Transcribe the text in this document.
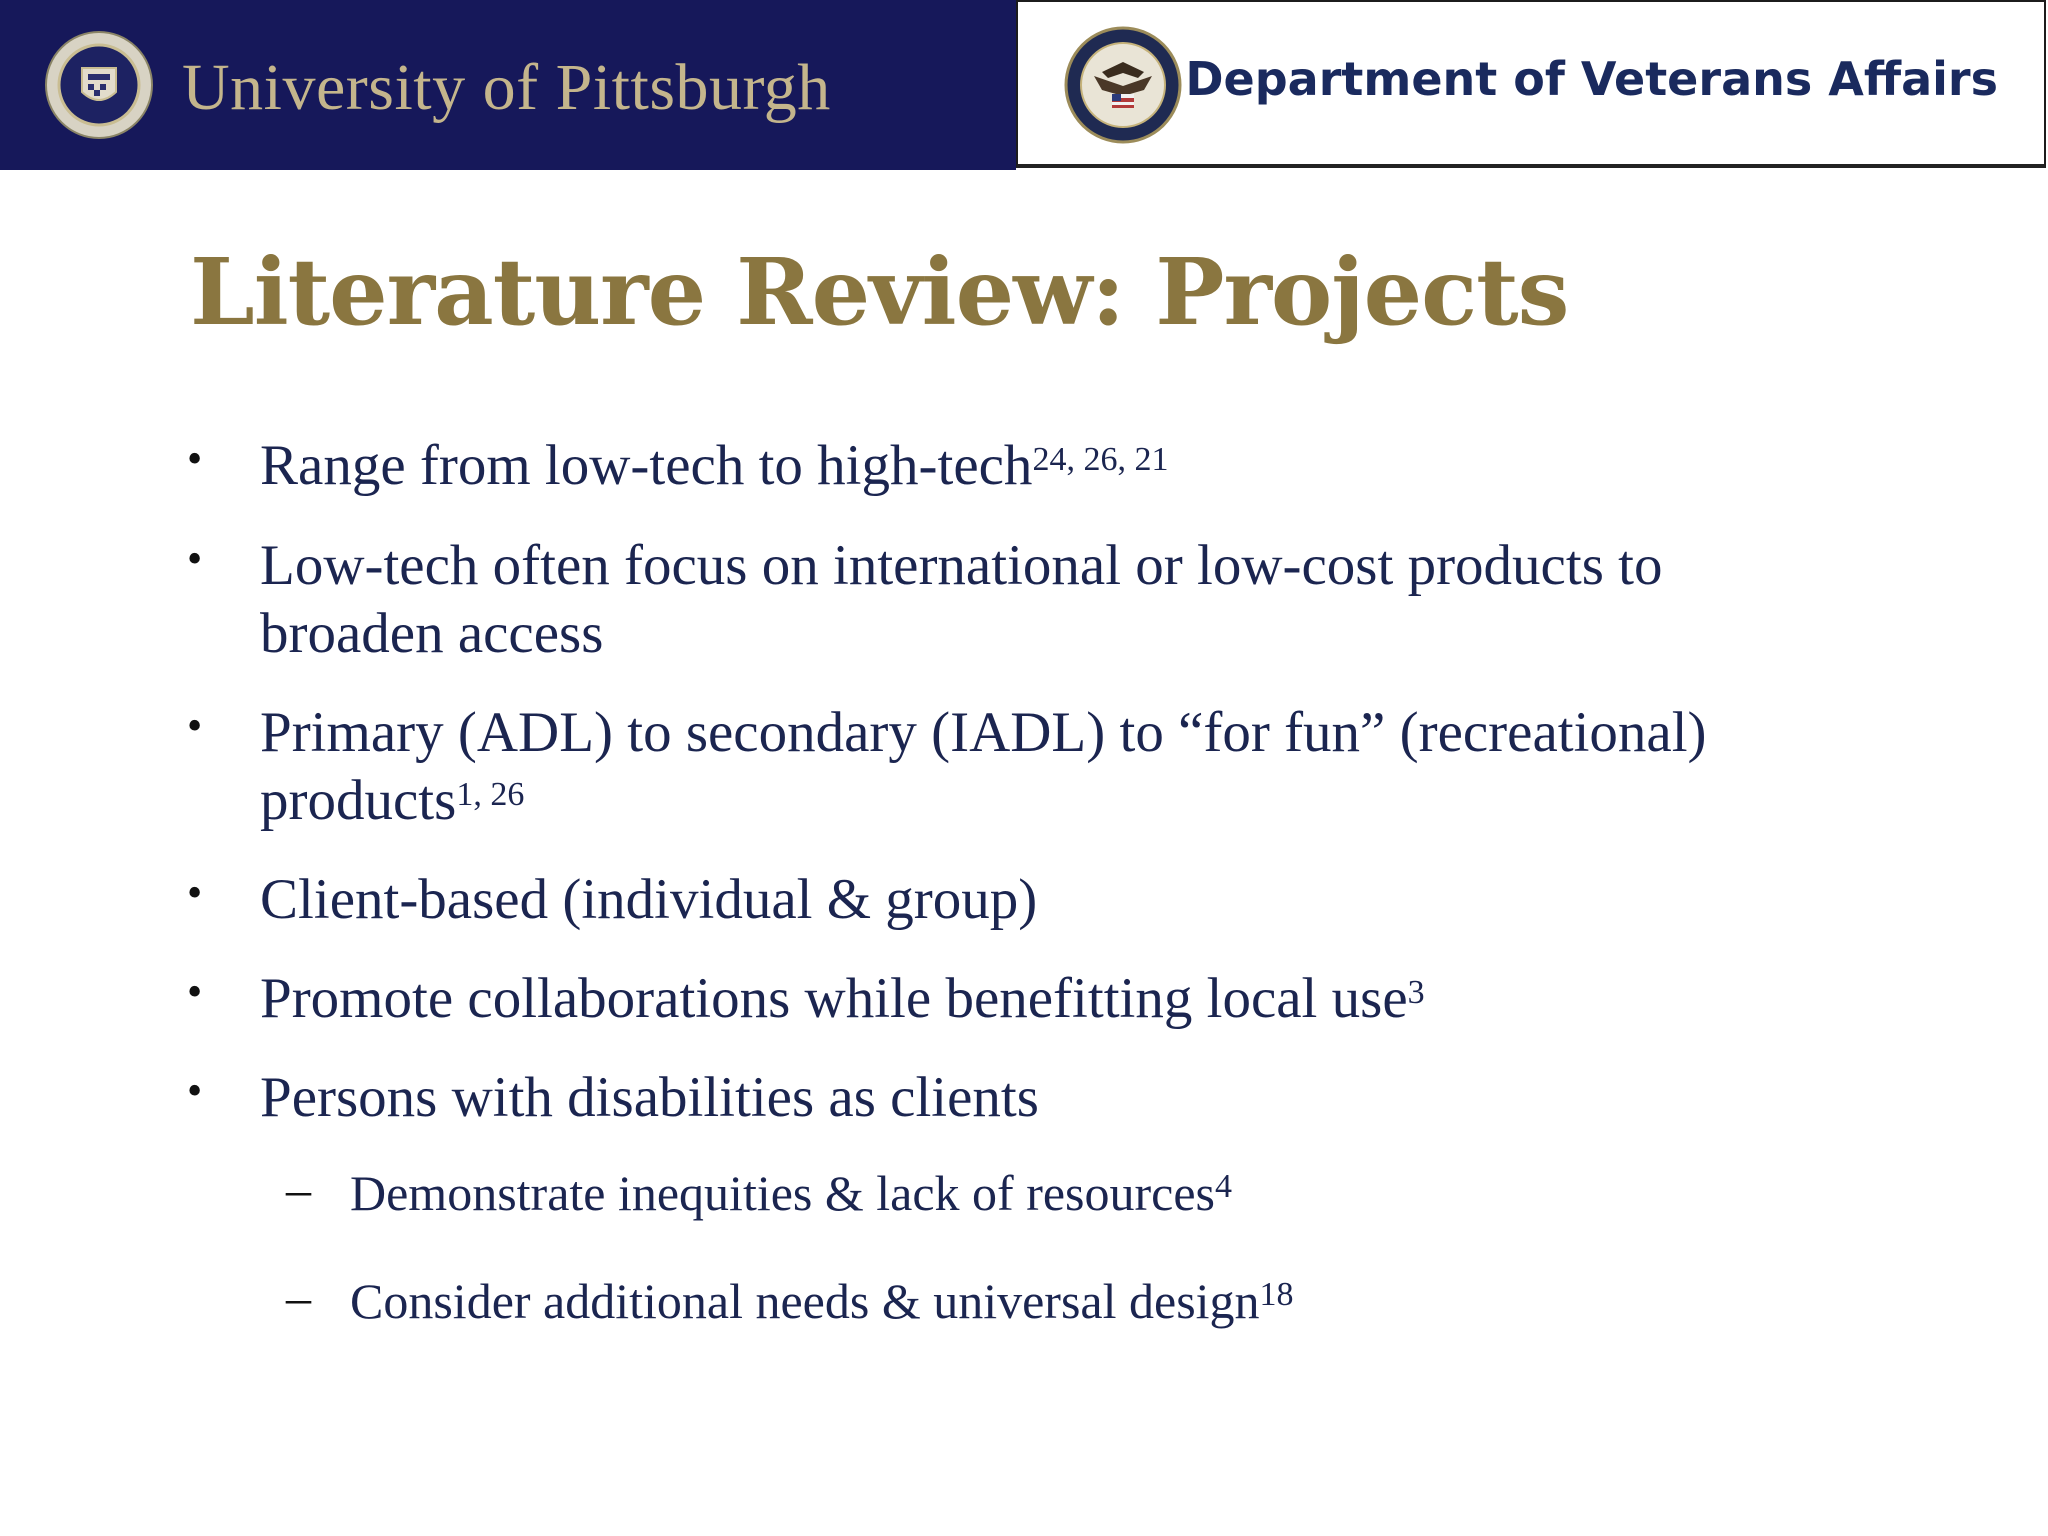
University of Pittsburgh	Department of Veterans Affairs
Literature Review: Projects
• Range from low-tech to high-tech$^{24, 26, 21}$
• Low-tech often focus on international or low-cost products to
broaden access
• Primary (ADL) to secondary (IADL) to “for fun” (recreational)
products$^{1, 26}$
• Client-based (individual & group)
• Promote collaborations while benefitting local use$^3$
• Persons with disabilities as clients
– Demonstrate inequities & lack of resources$^4$
– Consider additional needs & universal design$^{18}$
